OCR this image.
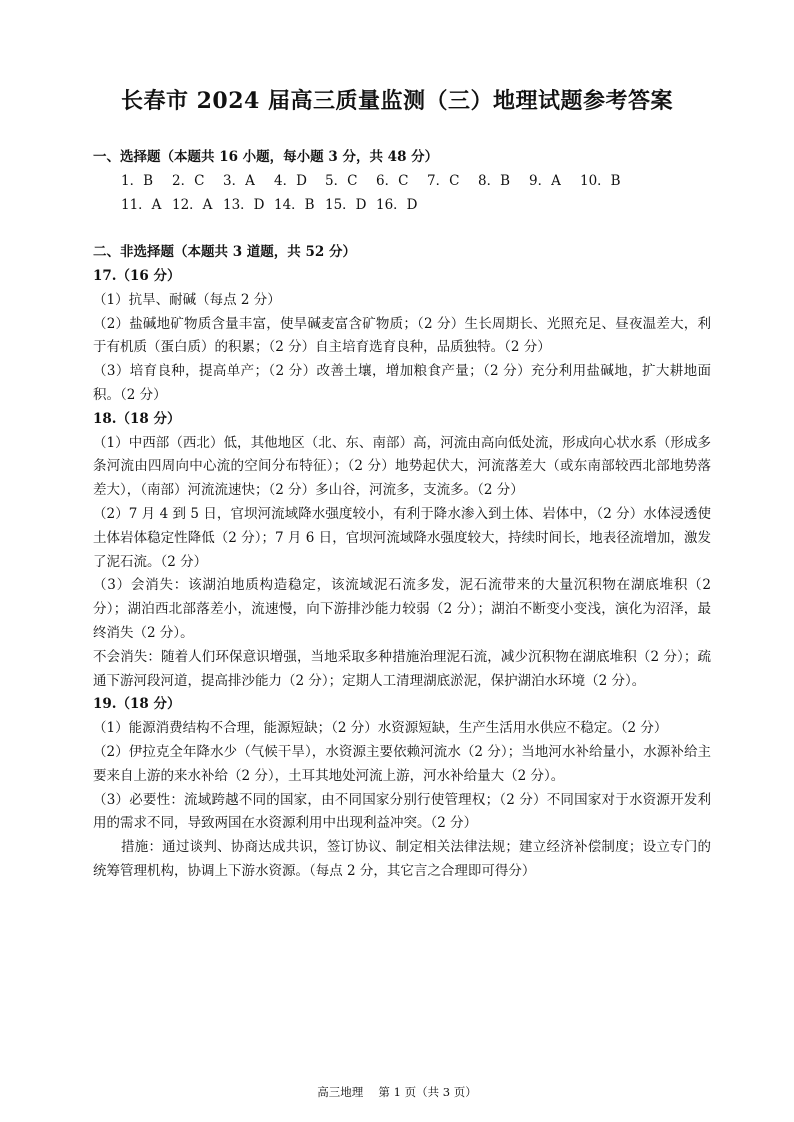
长春市 2024 届高三质量监测（三）地理试题参考答案

一、选择题（本题共 16 小题，每小题 3 分，共 48 分）

1．B	2．C	3．A	4．D	5．C	6．C	7．C	8．B	9．A	10．B
11．A 12．A 13．D 14．B 15．D 16．D

二、非选择题（本题共 3 道题，共 52 分）

17.（16 分）

（1）抗旱、耐碱（每点 2 分）

（2）盐碱地矿物质含量丰富，使旱碱麦富含矿物质；（2 分）生长周期长、光照充足、昼夜温差大，利于有机质（蛋白质）的积累；（2 分）自主培育选育良种，品质独特。（2 分）

（3）培育良种，提高单产；（2 分）改善土壤，增加粮食产量；（2 分）充分利用盐碱地，扩大耕地面积。（2 分）

18.（18 分）

（1）中西部（西北）低，其他地区（北、东、南部）高，河流由高向低处流，形成向心状水系（形成多条河流由四周向中心流的空间分布特征）；（2 分）地势起伏大，河流落差大（或东南部较西北部地势落差大），（南部）河流流速快；（2 分）多山谷，河流多，支流多。（2 分）

（2）7 月 4 到 5 日，官坝河流域降水强度较小，有利于降水渗入到土体、岩体中，（2 分）水体浸透使土体岩体稳定性降低（2 分）；7 月 6 日，官坝河流域降水强度较大，持续时间长，地表径流增加，激发了泥石流。（2 分）

（3）会消失：该湖泊地质构造稳定，该流域泥石流多发，泥石流带来的大量沉积物在湖底堆积（2 分）；湖泊西北部落差小，流速慢，向下游排沙能力较弱（2 分）；湖泊不断变小变浅，演化为沼泽，最终消失（2 分）。

不会消失：随着人们环保意识增强，当地采取多种措施治理泥石流，减少沉积物在湖底堆积（2 分）；疏通下游河段河道，提高排沙能力（2 分）；定期人工清理湖底淤泥，保护湖泊水环境（2 分）。

19.（18 分）

（1）能源消费结构不合理，能源短缺；（2 分）水资源短缺，生产生活用水供应不稳定。（2 分）

（2）伊拉克全年降水少（气候干旱），水资源主要依赖河流水（2 分）；当地河水补给量小，水源补给主要来自上游的来水补给（2 分），土耳其地处河流上游，河水补给量大（2 分）。

（3）必要性：流域跨越不同的国家，由不同国家分别行使管理权；（2 分）不同国家对于水资源开发利用的需求不同，导致两国在水资源利用中出现利益冲突。（2 分）

措施：通过谈判、协商达成共识，签订协议、制定相关法律法规；建立经济补偿制度；设立专门的统筹管理机构，协调上下游水资源。（每点 2 分，其它言之合理即可得分）

高三地理　 第 1 页（共 3 页）
